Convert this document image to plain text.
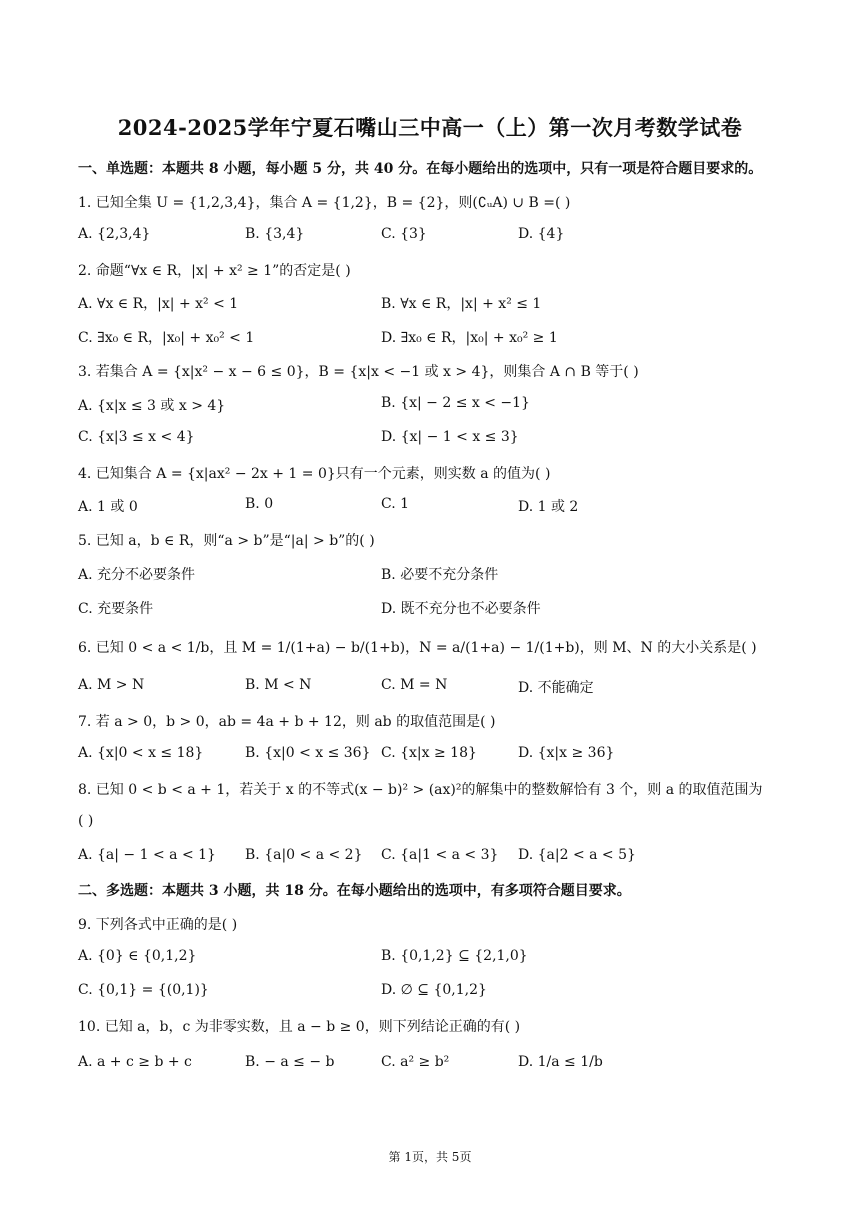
2024-2025学年宁夏石嘴山三中高一（上）第一次月考数学试卷
一、单选题：本题共 8 小题，每小题 5 分，共 40 分。在每小题给出的选项中，只有一项是符合题目要求的。
1. 已知全集 U = {1,2,3,4}，集合 A = {1,2}，B = {2}，则(∁ᵤA) ∪ B =( )
A. {2,3,4}	B. {3,4}	C. {3}	D. {4}
2. 命题“∀x ∈ R，|x| + x² ≥ 1”的否定是( )
A. ∀x ∈ R，|x| + x² < 1	B. ∀x ∈ R，|x| + x² ≤ 1
C. ∃x₀ ∈ R，|x₀| + x₀² < 1	D. ∃x₀ ∈ R，|x₀| + x₀² ≥ 1
3. 若集合 A = {x|x² − x − 6 ≤ 0}，B = {x|x < −1 或 x > 4}，则集合 A ∩ B 等于( )
A. {x|x ≤ 3 或 x > 4}	B. {x| − 2 ≤ x < −1}
C. {x|3 ≤ x < 4}	D. {x| − 1 < x ≤ 3}
4. 已知集合 A = {x|ax² − 2x + 1 = 0}只有一个元素，则实数 a 的值为( )
A. 1 或 0	B. 0	C. 1	D. 1 或 2
5. 已知 a，b ∈ R，则“a > b”是“|a| > b”的( )
A. 充分不必要条件	B. 必要不充分条件
C. 充要条件	D. 既不充分也不必要条件
6. 已知 0 < a < 1/b，且 M = 1/(1+a) − b/(1+b)，N = a/(1+a) − 1/(1+b)，则 M、N 的大小关系是( )
A. M > N	B. M < N	C. M = N	D. 不能确定
7. 若 a > 0，b > 0，ab = 4a + b + 12，则 ab 的取值范围是( )
A. {x|0 < x ≤ 18}	B. {x|0 < x ≤ 36} C. {x|x ≥ 18}	D. {x|x ≥ 36}
8. 已知 0 < b < a + 1，若关于 x 的不等式(x − b)² > (ax)²的解集中的整数解恰有 3 个，则 a 的取值范围为
( )
A. {a| − 1 < a < 1} B. {a|0 < a < 2} C. {a|1 < a < 3} D. {a|2 < a < 5}
二、多选题：本题共 3 小题，共 18 分。在每小题给出的选项中，有多项符合题目要求。
9. 下列各式中正确的是( )
A. {0} ∈ {0,1,2}	B. {0,1,2} ⊆ {2,1,0}
C. {0,1} = {(0,1)}	D. ∅ ⊆ {0,1,2}
10. 已知 a，b，c 为非零实数，且 a − b ≥ 0，则下列结论正确的有( )
A. a + c ≥ b + c	B. − a ≤ − b	C. a² ≥ b²	D. 1/a ≤ 1/b
第 1页，共 5页
